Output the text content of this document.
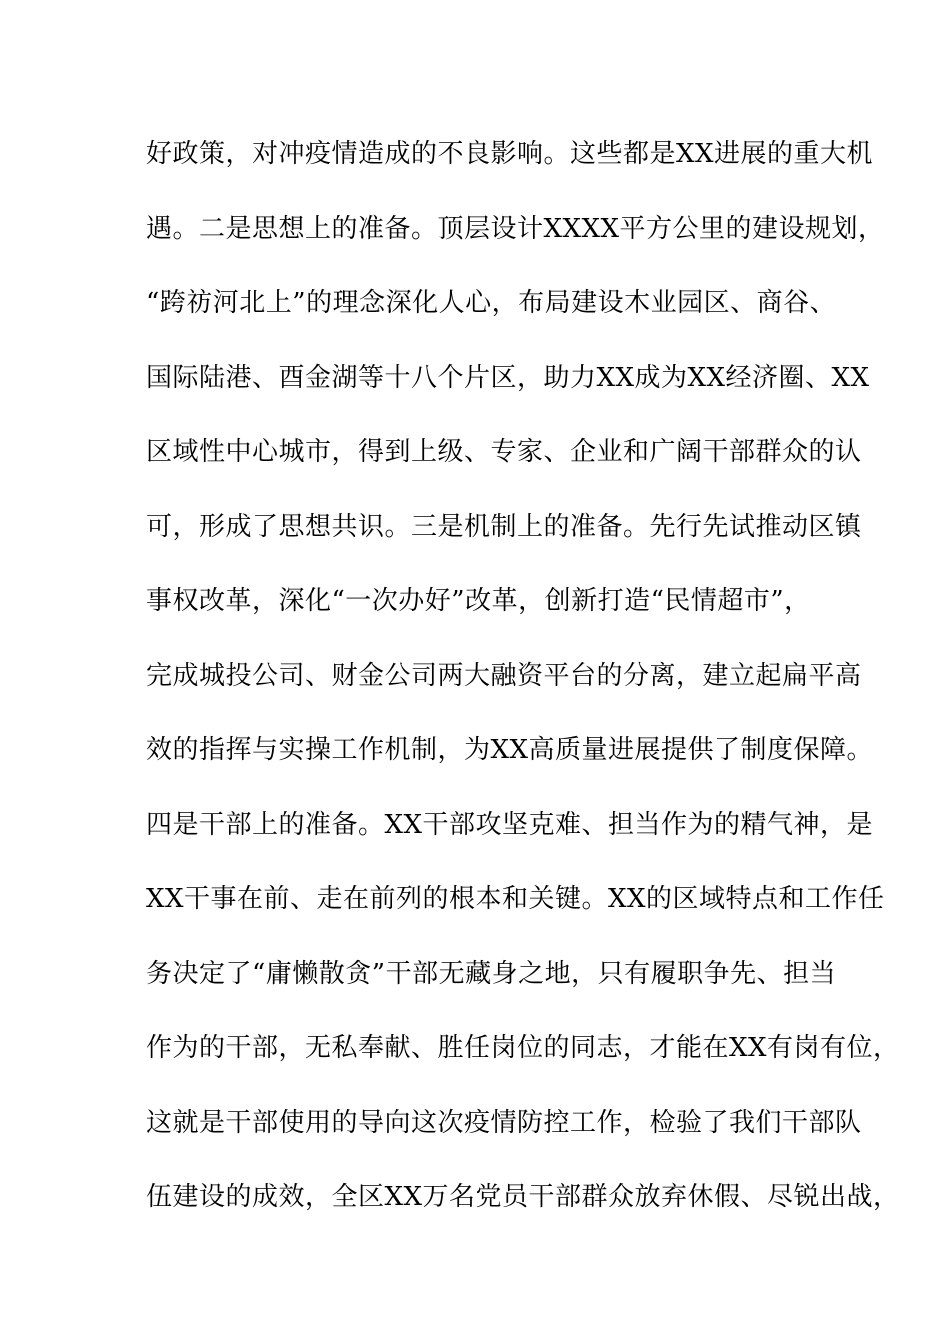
好政策，对冲疫情造成的不良影响。这些都是XX进展的重大机
遇。二是思想上的准备。顶层设计XXXX平方公里的建设规划，
“跨祊河北上”的理念深化人心，布局建设木业园区、商谷、
国际陆港、酉金湖等十八个片区，助力XX成为XX经济圈、XX
区域性中心城市，得到上级、专家、企业和广阔干部群众的认
可，形成了思想共识。三是机制上的准备。先行先试推动区镇
事权改革，深化“一次办好”改革，创新打造“民情超市”，
完成城投公司、财金公司两大融资平台的分离，建立起扁平高
效的指挥与实操工作机制，为XX高质量进展提供了制度保障。
四是干部上的准备。XX干部攻坚克难、担当作为的精气神，是
XX干事在前、走在前列的根本和关键。XX的区域特点和工作任
务决定了“庸懒散贪”干部无藏身之地，只有履职争先、担当
作为的干部，无私奉献、胜任岗位的同志，才能在XX有岗有位，
这就是干部使用的导向这次疫情防控工作，检验了我们干部队
伍建设的成效，全区XX万名党员干部群众放弃休假、尽锐出战，
